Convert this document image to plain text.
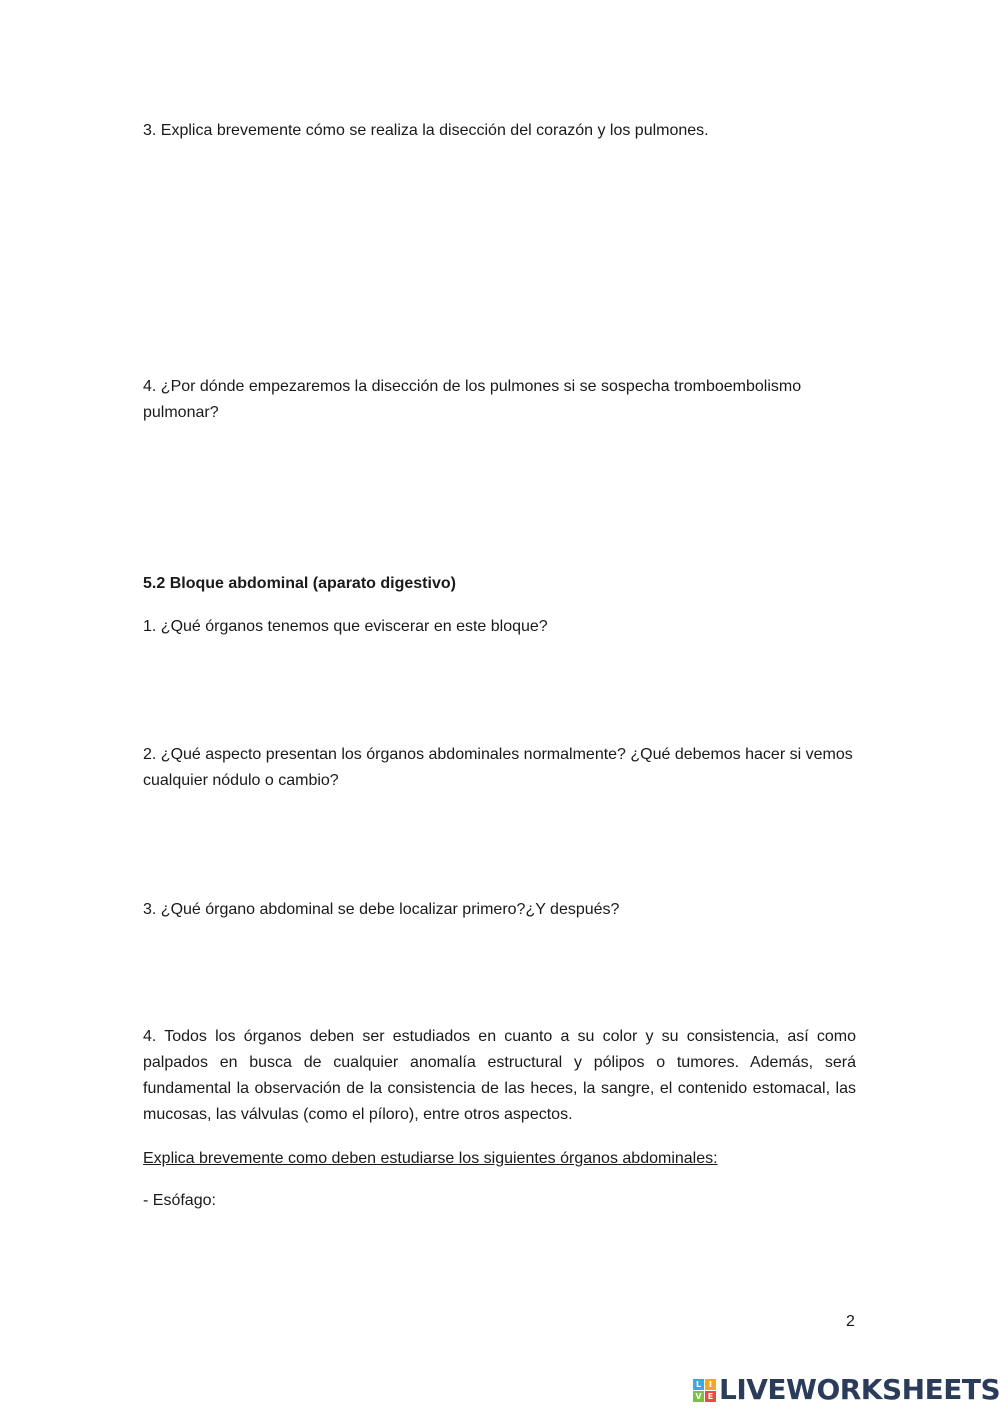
3. Explica brevemente cómo se realiza la disección del corazón y los pulmones.

4. ¿Por dónde empezaremos la disección de los pulmones si se sospecha tromboembolismo pulmonar?

5.2 Bloque abdominal (aparato digestivo)

1. ¿Qué órganos tenemos que eviscerar en este bloque?

2. ¿Qué aspecto presentan los órganos abdominales normalmente? ¿Qué debemos hacer si vemos cualquier nódulo o cambio?

3. ¿Qué órgano abdominal se debe localizar primero?¿Y después?

4. Todos los órganos deben ser estudiados en cuanto a su color y su consistencia, así como palpados en busca de cualquier anomalía estructural y pólipos o tumores. Además, será fundamental la observación de la consistencia de las heces, la sangre, el contenido estomacal, las mucosas, las válvulas (como el píloro), entre otros aspectos.

Explica brevemente como deben estudiarse los siguientes órganos abdominales:

- Esófago:

2
L I
V E LIVEWORKSHEETS
